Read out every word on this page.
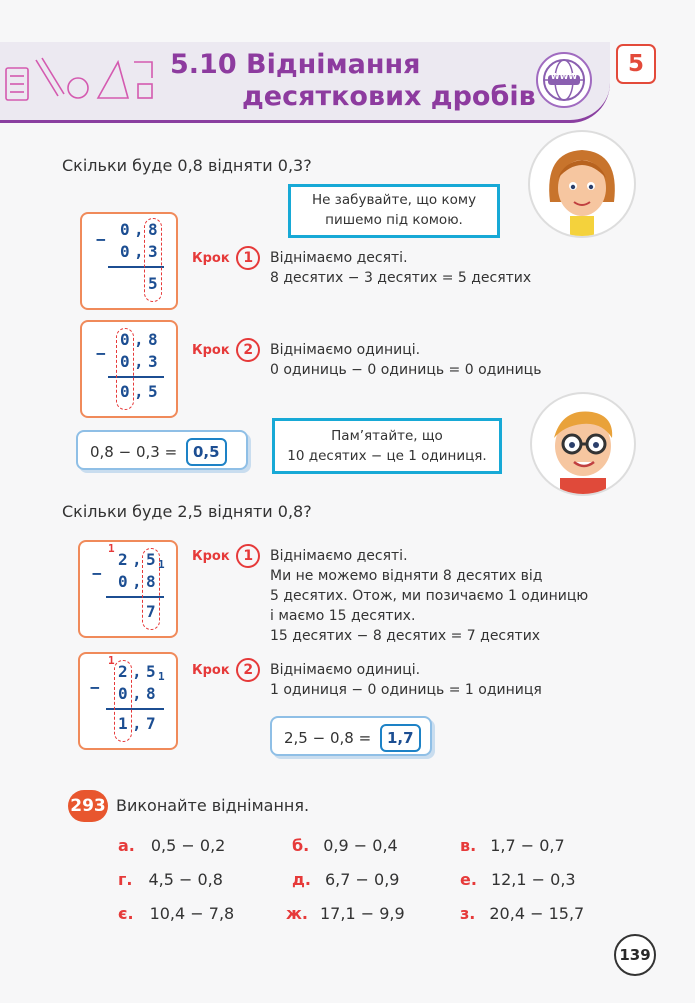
5.10 Віднімання
десяткових дробів
WWW	5
Скільки буде 0,8 відняти 0,3?
Не забувайте, що кому
пишемо під комою.
−
0 , 8
0 , 3
5
Крок 1	Віднімаємо десяті.
8 десятих − 3 десятих = 5 десятих
−
0 , 8
0 , 3
0 , 5
Крок 2	Віднімаємо одиниці.
0 одиниць − 0 одиниць = 0 одиниць
0,8 − 0,3 = 0,5
Пам’ятайте, що
10 десятих − це 1 одиниця.
Скільки буде 2,5 відняти 0,8?
−
1
2 , 5 1
0 , 8
7
Крок 1	Віднімаємо десяті.
Ми не можемо відняти 8 десятих від
5 десятих. Отож, ми позичаємо 1 одиницю
і маємо 15 десятих.
15 десятих − 8 десятих = 7 десятих
−
1
2 , 5 1
0 , 8
1 , 7
Крок 2	Віднімаємо одиниці.
1 одиниця − 0 одиниць = 1 одиниця
2,5 − 0,8 = 1,7
293 Виконайте віднімання.
а. 0,5 − 0,2	б. 0,9 − 0,4	в. 1,7 − 0,7
г. 4,5 − 0,8	д. 6,7 − 0,9	е. 12,1 − 0,3
є. 10,4 − 7,8	ж. 17,1 − 9,9	з. 20,4 − 15,7
139
